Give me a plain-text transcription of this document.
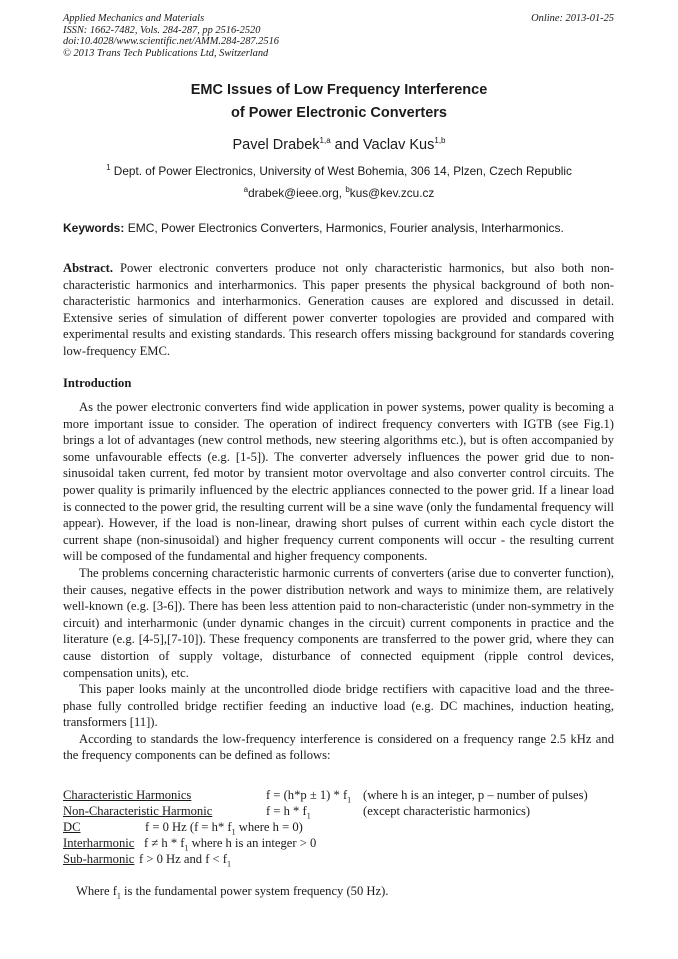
Applied Mechanics and Materials
ISSN: 1662-7482, Vols. 284-287, pp 2516-2520
doi:10.4028/www.scientific.net/AMM.284-287.2516
© 2013 Trans Tech Publications Ltd, Switzerland
Online: 2013-01-25
EMC Issues of Low Frequency Interference
of Power Electronic Converters
Pavel Drabek$^{1,a}$ and Vaclav Kus$^{1,b}$
$^1$ Dept. of Power Electronics, University of West Bohemia, 306 14, Plzen, Czech Republic
$^a$drabek@ieee.org, $^b$kus@kev.zcu.cz
Keywords: EMC, Power Electronics Converters, Harmonics, Fourier analysis, Interharmonics.

Abstract. Power electronic converters produce not only characteristic harmonics, but also both non-characteristic harmonics and interharmonics. This paper presents the physical background of both non-characteristic harmonics and interharmonics. Generation causes are explored and discussed in detail. Extensive series of simulation of different power converter topologies are provided and compared with experimental results and existing standards. This research offers missing background for standards covering low-frequency EMC.

Introduction

As the power electronic converters find wide application in power systems, power quality is becoming a more important issue to consider. The operation of indirect frequency converters with IGTB (see Fig.1) brings a lot of advantages (new control methods, new steering algorithms etc.), but is often accompanied by some unfavourable effects (e.g. [1-5]). The converter adversely influences the power grid due to non-sinusoidal taken current, fed motor by transient motor overvoltage and also converter control circuits. The power quality is primarily influenced by the electric appliances connected to the power grid. If a linear load is connected to the power grid, the resulting current will be a sine wave (only the fundamental frequency will appear). However, if the load is non-linear, drawing short pulses of current within each cycle distort the current shape (non-sinusoidal) and higher frequency current components will occur - the resulting current will be composed of the fundamental and higher frequency components.

The problems concerning characteristic harmonic currents of converters (arise due to converter function), their causes, negative effects in the power distribution network and ways to minimize them, are relatively well-known (e.g. [3-6]). There has been less attention paid to non-characteristic (under non-symmetry in the circuit) and interharmonic (under dynamic changes in the circuit) current components in practice and the literature (e.g. [4-5],[7-10]). These frequency components are transferred to the power grid, where they can cause distortion of supply voltage, disturbance of connected equipment (ripple control devices, compensation units), etc.

This paper looks mainly at the uncontrolled diode bridge rectifiers with capacitive load and the three-phase fully controlled bridge rectifier feeding an inductive load (e.g. DC machines, induction heating, transformers [11]).

According to standards the low-frequency interference is considered on a frequency range 2.5 kHz and the frequency components can be defined as follows:

Characteristic Harmonics	$f = (h*p \pm 1) * f_1$ (where h is an integer, p – number of pulses)
Non-Characteristic Harmonic	$f = h * f_1$	(except characteristic harmonics)
DC	f = 0 Hz (f = h* $f_1$ where h = 0)
Interharmonic $f \ne h * f_1$ where h is an integer > 0
Sub-harmonic f > 0 Hz and $f < f_1$
Where $f_1$ is the fundamental power system frequency (50 Hz).
